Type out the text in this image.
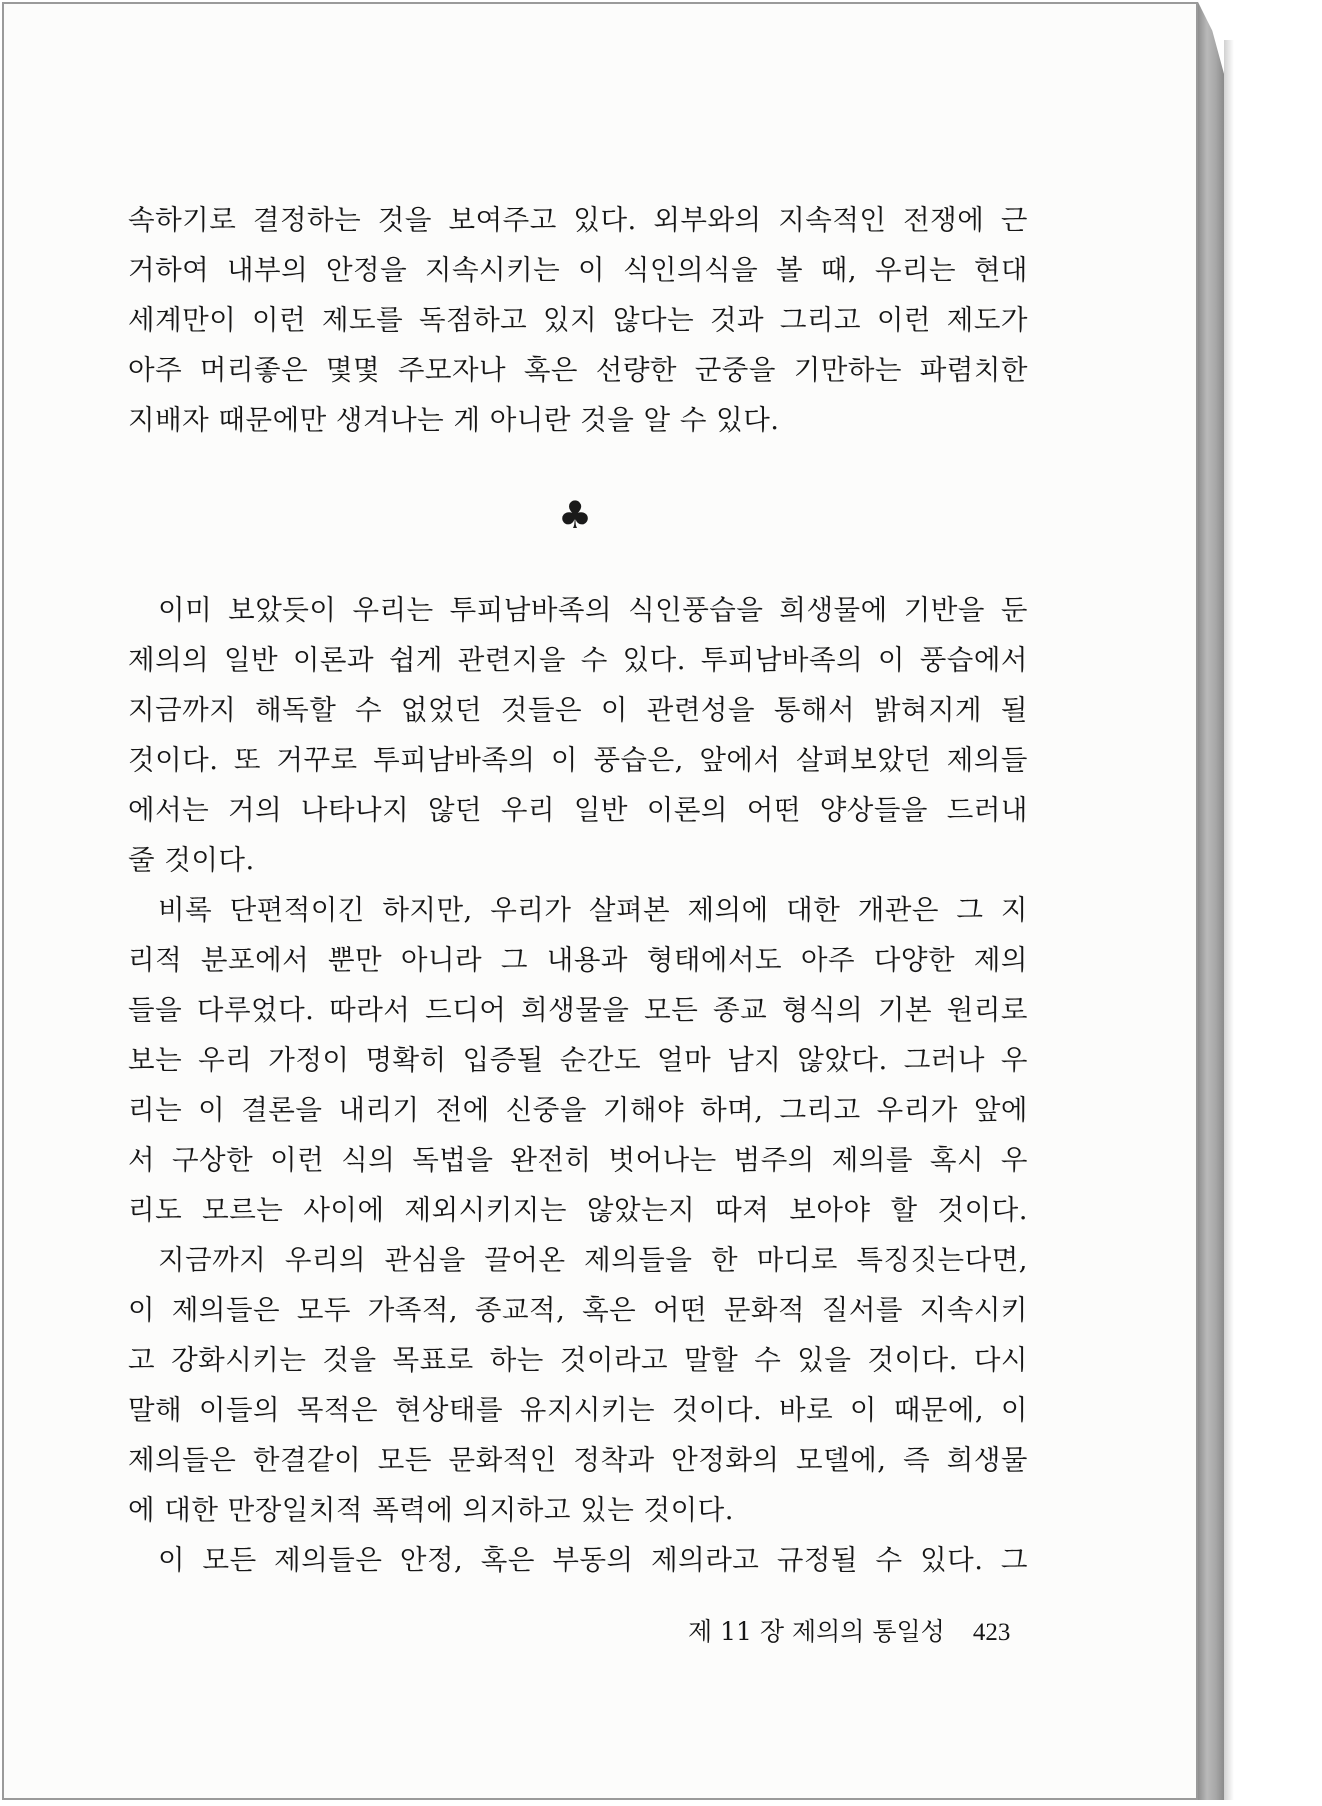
속하기로 결정하는 것을 보여주고 있다. 외부와의 지속적인 전쟁에 근
거하여 내부의 안정을 지속시키는 이 식인의식을 볼 때, 우리는 현대
세계만이 이런 제도를 독점하고 있지 않다는 것과 그리고 이런 제도가
아주 머리좋은 몇몇 주모자나 혹은 선량한 군중을 기만하는 파렴치한
지배자 때문에만 생겨나는 게 아니란 것을 알 수 있다.
♣
이미 보았듯이 우리는 투피남바족의 식인풍습을 희생물에 기반을 둔
제의의 일반 이론과 쉽게 관련지을 수 있다. 투피남바족의 이 풍습에서
지금까지 해독할 수 없었던 것들은 이 관련성을 통해서 밝혀지게 될
것이다. 또 거꾸로 투피남바족의 이 풍습은, 앞에서 살펴보았던 제의들
에서는 거의 나타나지 않던 우리 일반 이론의 어떤 양상들을 드러내
줄 것이다.
비록 단편적이긴 하지만, 우리가 살펴본 제의에 대한 개관은 그 지
리적 분포에서 뿐만 아니라 그 내용과 형태에서도 아주 다양한 제의
들을 다루었다. 따라서 드디어 희생물을 모든 종교 형식의 기본 원리로
보는 우리 가정이 명확히 입증될 순간도 얼마 남지 않았다. 그러나 우
리는 이 결론을 내리기 전에 신중을 기해야 하며, 그리고 우리가 앞에
서 구상한 이런 식의 독법을 완전히 벗어나는 범주의 제의를 혹시 우
리도 모르는 사이에 제외시키지는 않았는지 따져 보아야 할 것이다.
지금까지 우리의 관심을 끌어온 제의들을 한 마디로 특징짓는다면,
이 제의들은 모두 가족적, 종교적, 혹은 어떤 문화적 질서를 지속시키
고 강화시키는 것을 목표로 하는 것이라고 말할 수 있을 것이다. 다시
말해 이들의 목적은 현상태를 유지시키는 것이다. 바로 이 때문에, 이
제의들은 한결같이 모든 문화적인 정착과 안정화의 모델에, 즉 희생물
에 대한 만장일치적 폭력에 의지하고 있는 것이다.
이 모든 제의들은 안정, 혹은 부동의 제의라고 규정될 수 있다. 그
제 11 장 제의의 통일성 423
